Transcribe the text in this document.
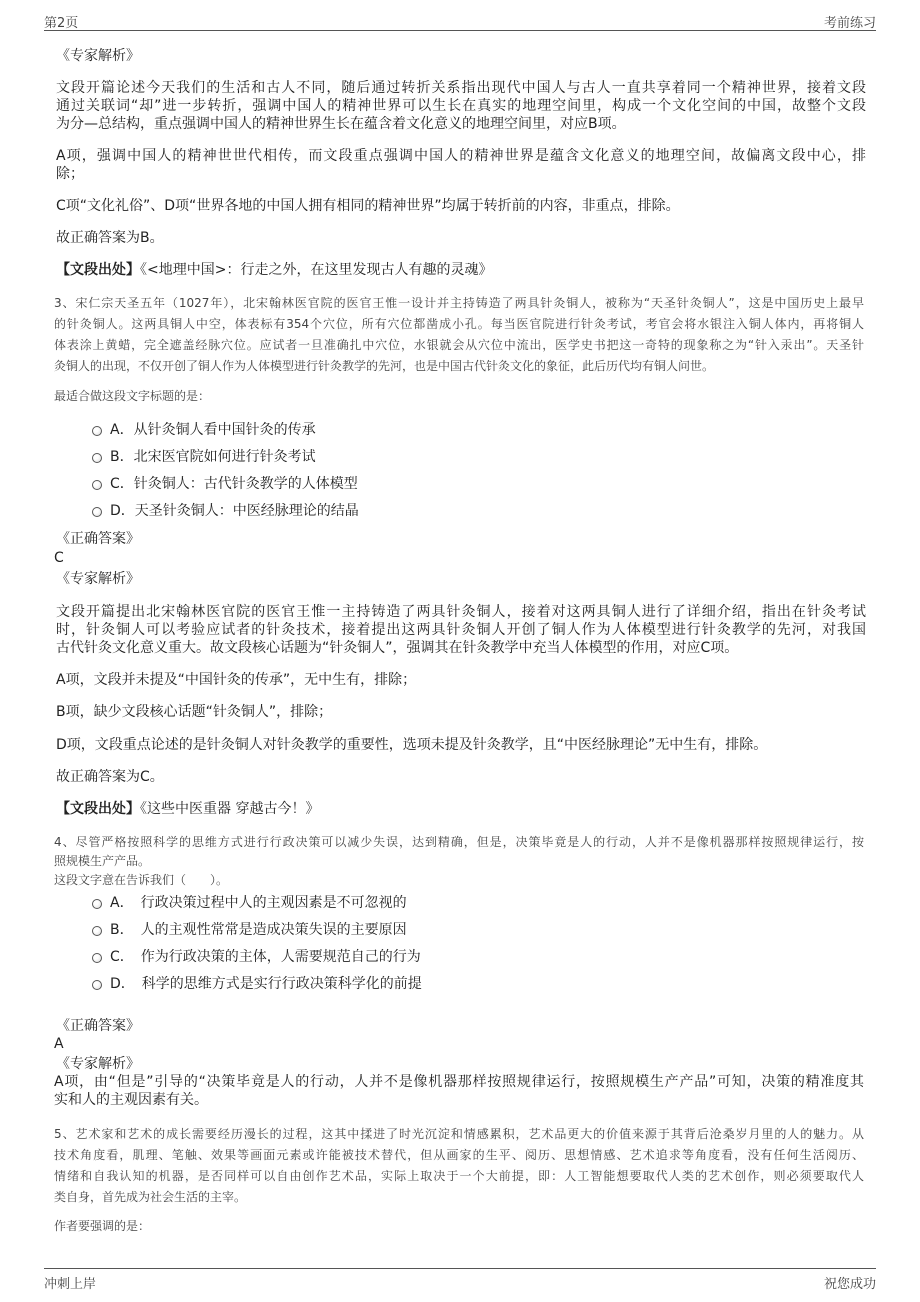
第2页	考前练习
《专家解析》
文段开篇论述今天我们的生活和古人不同，随后通过转折关系指出现代中国人与古人一直共享着同一个精神世界，接着文段
通过关联词“却”进一步转折，强调中国人的精神世界可以生长在真实的地理空间里，构成一个文化空间的中国，故整个文段
为分—总结构，重点强调中国人的精神世界生长在蕴含着文化意义的地理空间里，对应B项。
A项，强调中国人的精神世世代相传，而文段重点强调中国人的精神世界是蕴含文化意义的地理空间，故偏离文段中心，排
除；
C项“文化礼俗”、D项“世界各地的中国人拥有相同的精神世界”均属于转折前的内容，非重点，排除。
故正确答案为B。
【文段出处】《<地理中国>：行走之外，在这里发现古人有趣的灵魂》
3、宋仁宗天圣五年（1027年），北宋翰林医官院的医官王惟一设计并主持铸造了两具针灸铜人，被称为“天圣针灸铜人”，这是中国历史上最早
的针灸铜人。这两具铜人中空，体表标有354个穴位，所有穴位都凿成小孔。每当医官院进行针灸考试，考官会将水银注入铜人体内，再将铜人
体表涂上黄蜡，完全遮盖经脉穴位。应试者一旦准确扎中穴位，水银就会从穴位中流出，医学史书把这一奇特的现象称之为“针入汞出”。天圣针
灸铜人的出现，不仅开创了铜人作为人体模型进行针灸教学的先河，也是中国古代针灸文化的象征，此后历代均有铜人问世。
最适合做这段文字标题的是：
A．从针灸铜人看中国针灸的传承
B．北宋医官院如何进行针灸考试
C．针灸铜人：古代针灸教学的人体模型
D．天圣针灸铜人：中医经脉理论的结晶
《正确答案》
C
《专家解析》
文段开篇提出北宋翰林医官院的医官王惟一主持铸造了两具针灸铜人，接着对这两具铜人进行了详细介绍，指出在针灸考试
时，针灸铜人可以考验应试者的针灸技术，接着提出这两具针灸铜人开创了铜人作为人体模型进行针灸教学的先河，对我国
古代针灸文化意义重大。故文段核心话题为“针灸铜人”，强调其在针灸教学中充当人体模型的作用，对应C项。
A项，文段并未提及“中国针灸的传承”，无中生有，排除；
B项，缺少文段核心话题“针灸铜人”，排除；
D项，文段重点论述的是针灸铜人对针灸教学的重要性，选项未提及针灸教学，且“中医经脉理论”无中生有，排除。
故正确答案为C。
【文段出处】《这些中医重器 穿越古今！》
4、尽管严格按照科学的思维方式进行行政决策可以减少失误，达到精确，但是，决策毕竟是人的行动，人并不是像机器那样按照规律运行，按
照规模生产产品。
这段文字意在告诉我们（　　）。
A．　行政决策过程中人的主观因素是不可忽视的
B．　人的主观性常常是造成决策失误的主要原因
C．　作为行政决策的主体，人需要规范自己的行为
D．　科学的思维方式是实行行政决策科学化的前提
《正确答案》
A
《专家解析》
A项，由“但是”引导的“决策毕竟是人的行动，人并不是像机器那样按照规律运行，按照规模生产产品”可知，决策的精准度其
实和人的主观因素有关。
5、艺术家和艺术的成长需要经历漫长的过程，这其中揉进了时光沉淀和情感累积，艺术品更大的价值来源于其背后沧桑岁月里的人的魅力。从
技术角度看，肌理、笔触、效果等画面元素或许能被技术替代，但从画家的生平、阅历、思想情感、艺术追求等角度看，没有任何生活阅历、
情绪和自我认知的机器，是否同样可以自由创作艺术品，实际上取决于一个大前提，即：人工智能想要取代人类的艺术创作，则必须要取代人
类自身，首先成为社会生活的主宰。
作者要强调的是：
冲刺上岸	祝您成功
